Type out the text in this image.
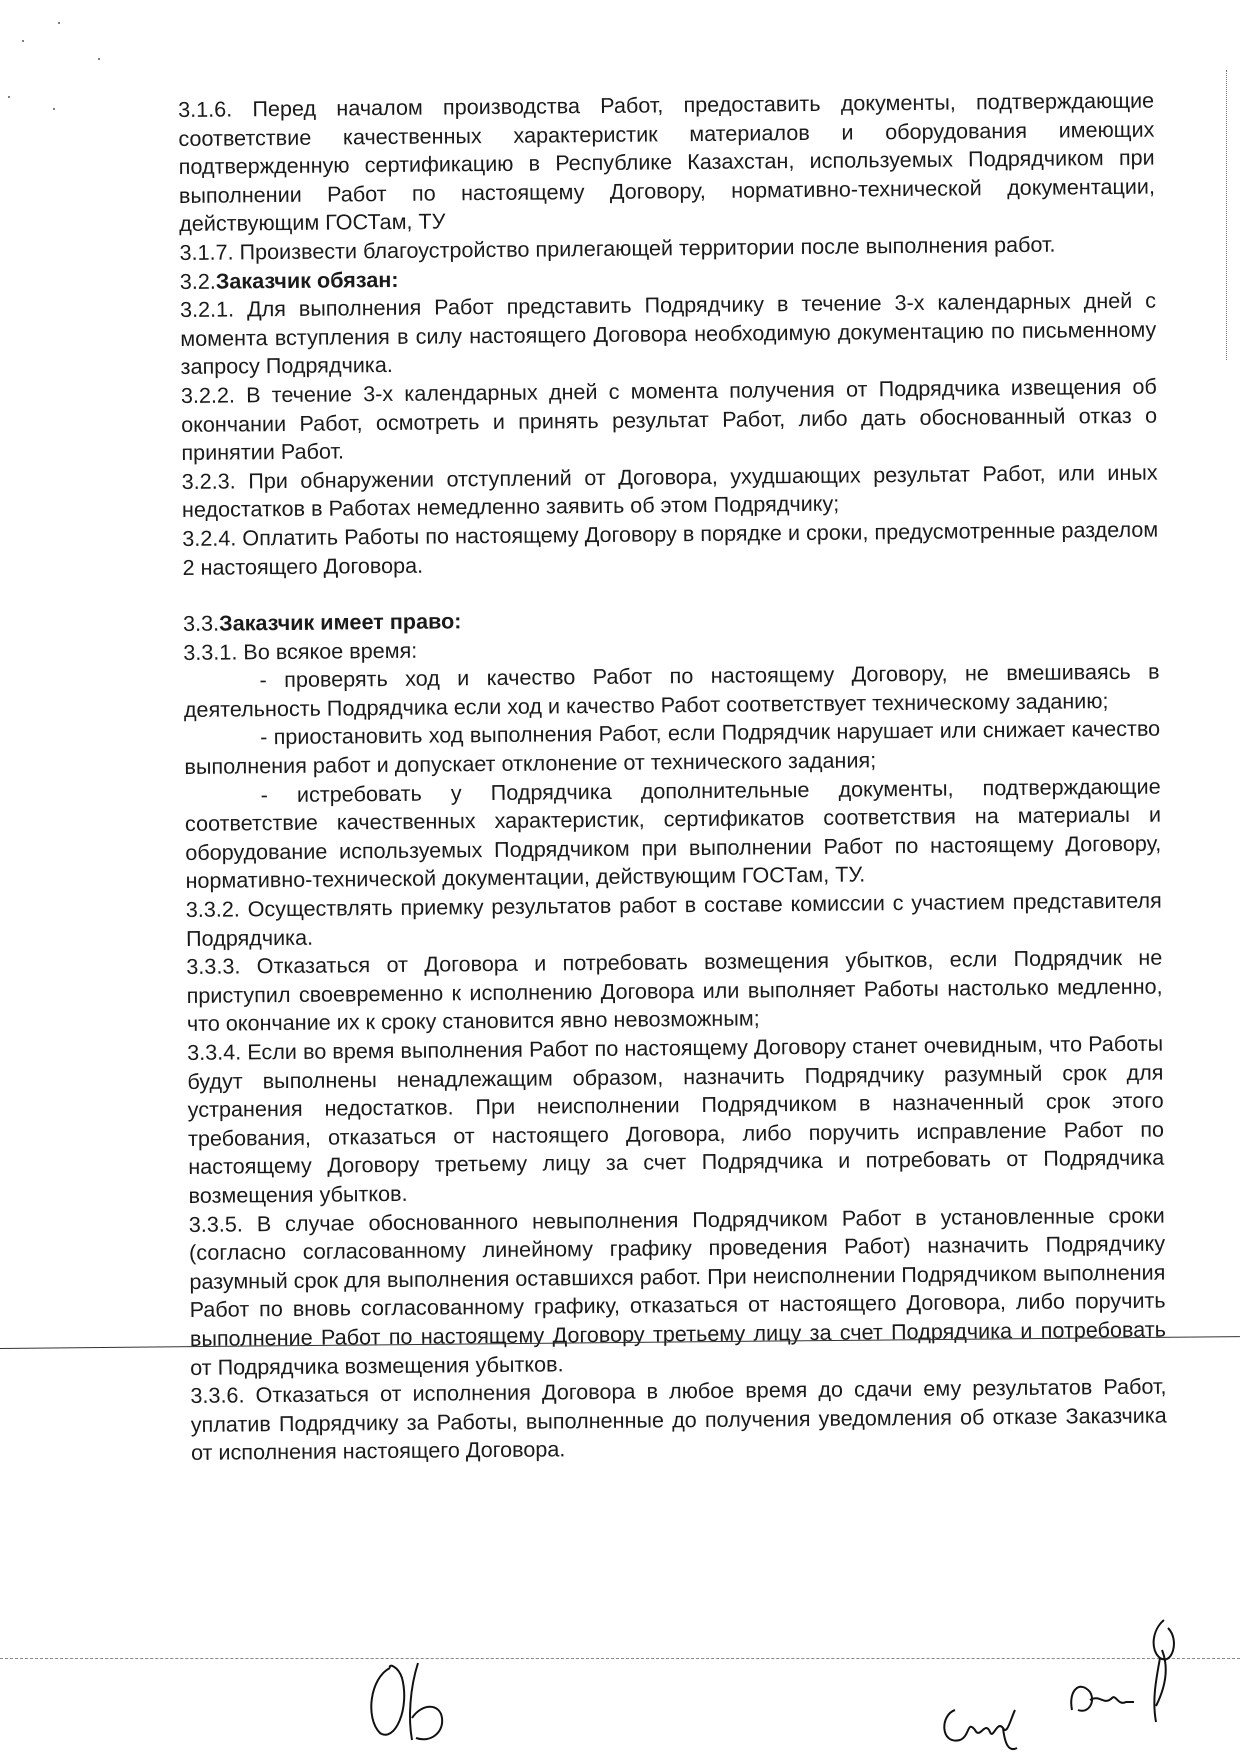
3.1.6. Перед началом производства Работ, предоставить документы, подтверждающие соответствие качественных характеристик материалов и оборудования имеющих подтвержденную сертификацию в Республике Казахстан, используемых Подрядчиком при выполнении Работ по настоящему Договору, нормативно-технической документации, действующим ГОСТам, ТУ

3.1.7. Произвести благоустройство прилегающей территории после выполнения работ.

3.2.Заказчик обязан:

3.2.1. Для выполнения Работ представить Подрядчику в течение 3-х календарных дней с момента вступления в силу настоящего Договора необходимую документацию по письменному запросу Подрядчика.

3.2.2. В течение 3-х календарных дней с момента получения от Подрядчика извещения об окончании Работ, осмотреть и принять результат Работ, либо дать обоснованный отказ о принятии Работ.

3.2.3. При обнаружении отступлений от Договора, ухудшающих результат Работ, или иных недостатков в Работах немедленно заявить об этом Подрядчику;

3.2.4. Оплатить Работы по настоящему Договору в порядке и сроки, предусмотренные разделом 2 настоящего Договора.

3.3.Заказчик имеет право:

3.3.1. Во всякое время:

- проверять ход и качество Работ по настоящему Договору, не вмешиваясь в деятельность Подрядчика если ход и качество Работ соответствует техническому заданию;

- приостановить ход выполнения Работ, если Подрядчик нарушает или снижает качество выполнения работ и допускает отклонение от технического задания;

- истребовать у Подрядчика дополнительные документы, подтверждающие соответствие качественных характеристик, сертификатов соответствия на материалы и оборудование используемых Подрядчиком при выполнении Работ по настоящему Договору, нормативно-технической документации, действующим ГОСТам, ТУ.

3.3.2. Осуществлять приемку результатов работ в составе комиссии с участием представителя Подрядчика.

3.3.3. Отказаться от Договора и потребовать возмещения убытков, если Подрядчик не приступил своевременно к исполнению Договора или выполняет Работы настолько медленно, что окончание их к сроку становится явно невозможным;

3.3.4. Если во время выполнения Работ по настоящему Договору станет очевидным, что Работы будут выполнены ненадлежащим образом, назначить Подрядчику разумный срок для устранения недостатков. При неисполнении Подрядчиком в назначенный срок этого требования, отказаться от настоящего Договора, либо поручить исправление Работ по настоящему Договору третьему лицу за счет Подрядчика и потребовать от Подрядчика возмещения убытков.

3.3.5. В случае обоснованного невыполнения Подрядчиком Работ в установленные сроки (согласно согласованному линейному графику проведения Работ) назначить Подрядчику разумный срок для выполнения оставшихся работ. При неисполнении Подрядчиком выполнения Работ по вновь согласованному графику, отказаться от настоящего Договора, либо поручить выполнение Работ по настоящему Договору третьему лицу за счет Подрядчика и потребовать от Подрядчика возмещения убытков.

3.3.6. Отказаться от исполнения Договора в любое время до сдачи ему результатов Работ, уплатив Подрядчику за Работы, выполненные до получения уведомления об отказе Заказчика от исполнения настоящего Договора.
